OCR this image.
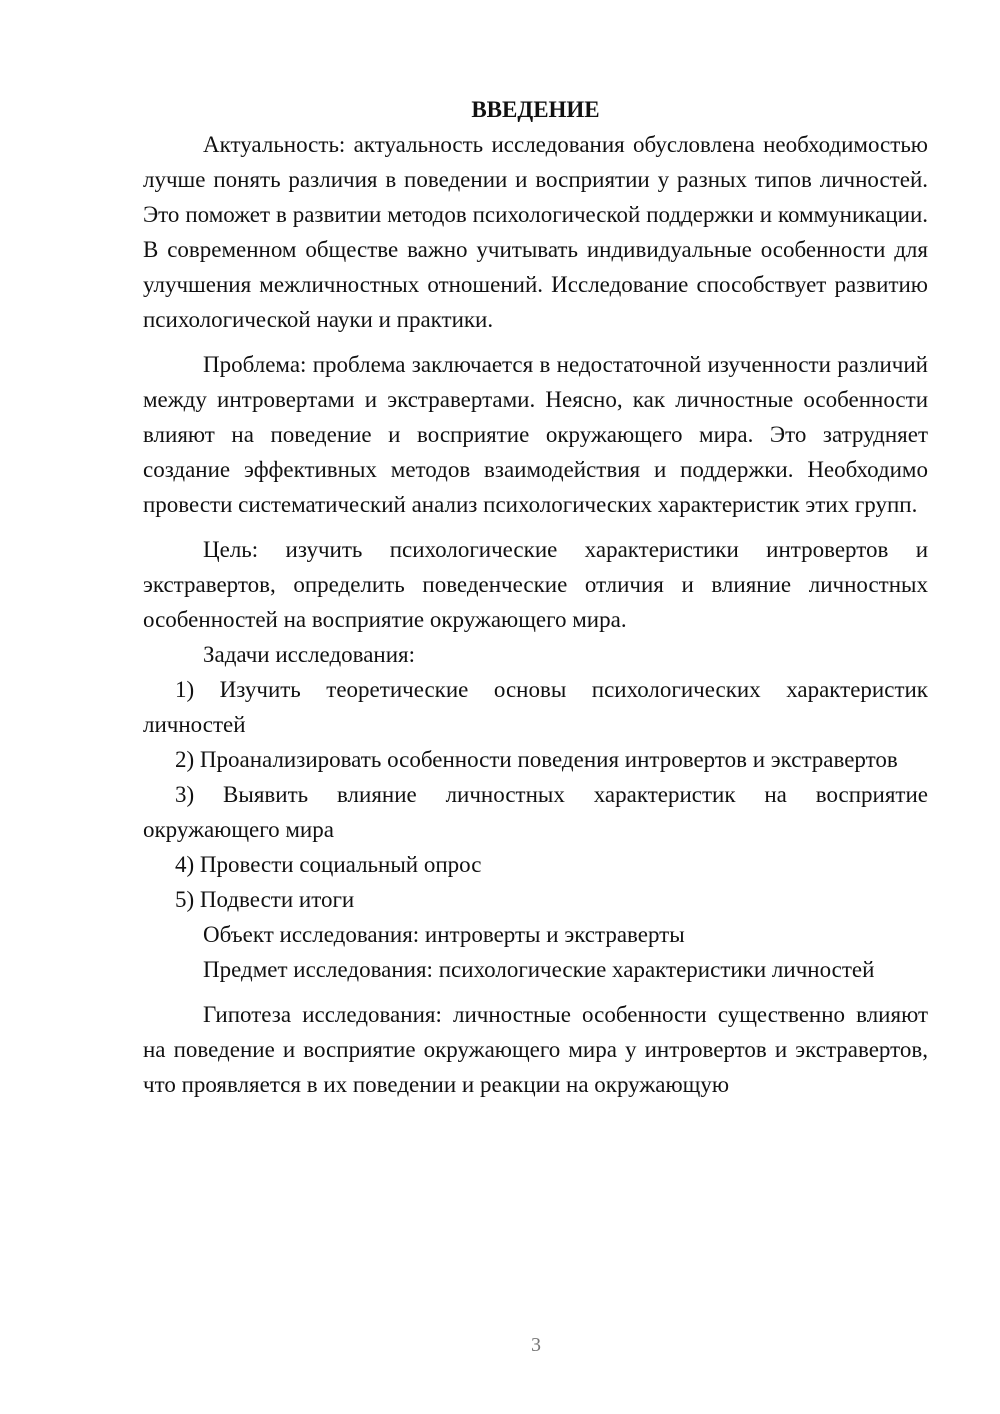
ВВЕДЕНИЕ

Актуальность: актуальность исследования обусловлена необходимостью лучше понять различия в поведении и восприятии у разных типов личностей. Это поможет в развитии методов психологической поддержки и коммуникации. В современном обществе важно учитывать индивидуальные особенности для улучшения межличностных отношений. Исследование способствует развитию психологической науки и практики.

Проблема: проблема заключается в недостаточной изученности различий между интровертами и экстравертами. Неясно, как личностные особенности влияют на поведение и восприятие окружающего мира. Это затрудняет создание эффективных методов взаимодействия и поддержки. Необходимо провести систематический анализ психологических характеристик этих групп.

Цель: изучить психологические характеристики интровертов и экстравертов, определить поведенческие отличия и влияние личностных особенностей на восприятие окружающего мира.

Задачи исследования:

1) Изучить теоретические основы психологических характеристик личностей

2) Проанализировать особенности поведения интровертов и экстравертов

3) Выявить влияние личностных характеристик на восприятие окружающего мира

4) Провести социальный опрос

5) Подвести итоги

Объект исследования: интроверты и экстраверты

Предмет исследования: психологические характеристики личностей

Гипотеза исследования: личностные особенности существенно влияют на поведение и восприятие окружающего мира у интровертов и экстравертов, что проявляется в их поведении и реакции на окружающую

3
